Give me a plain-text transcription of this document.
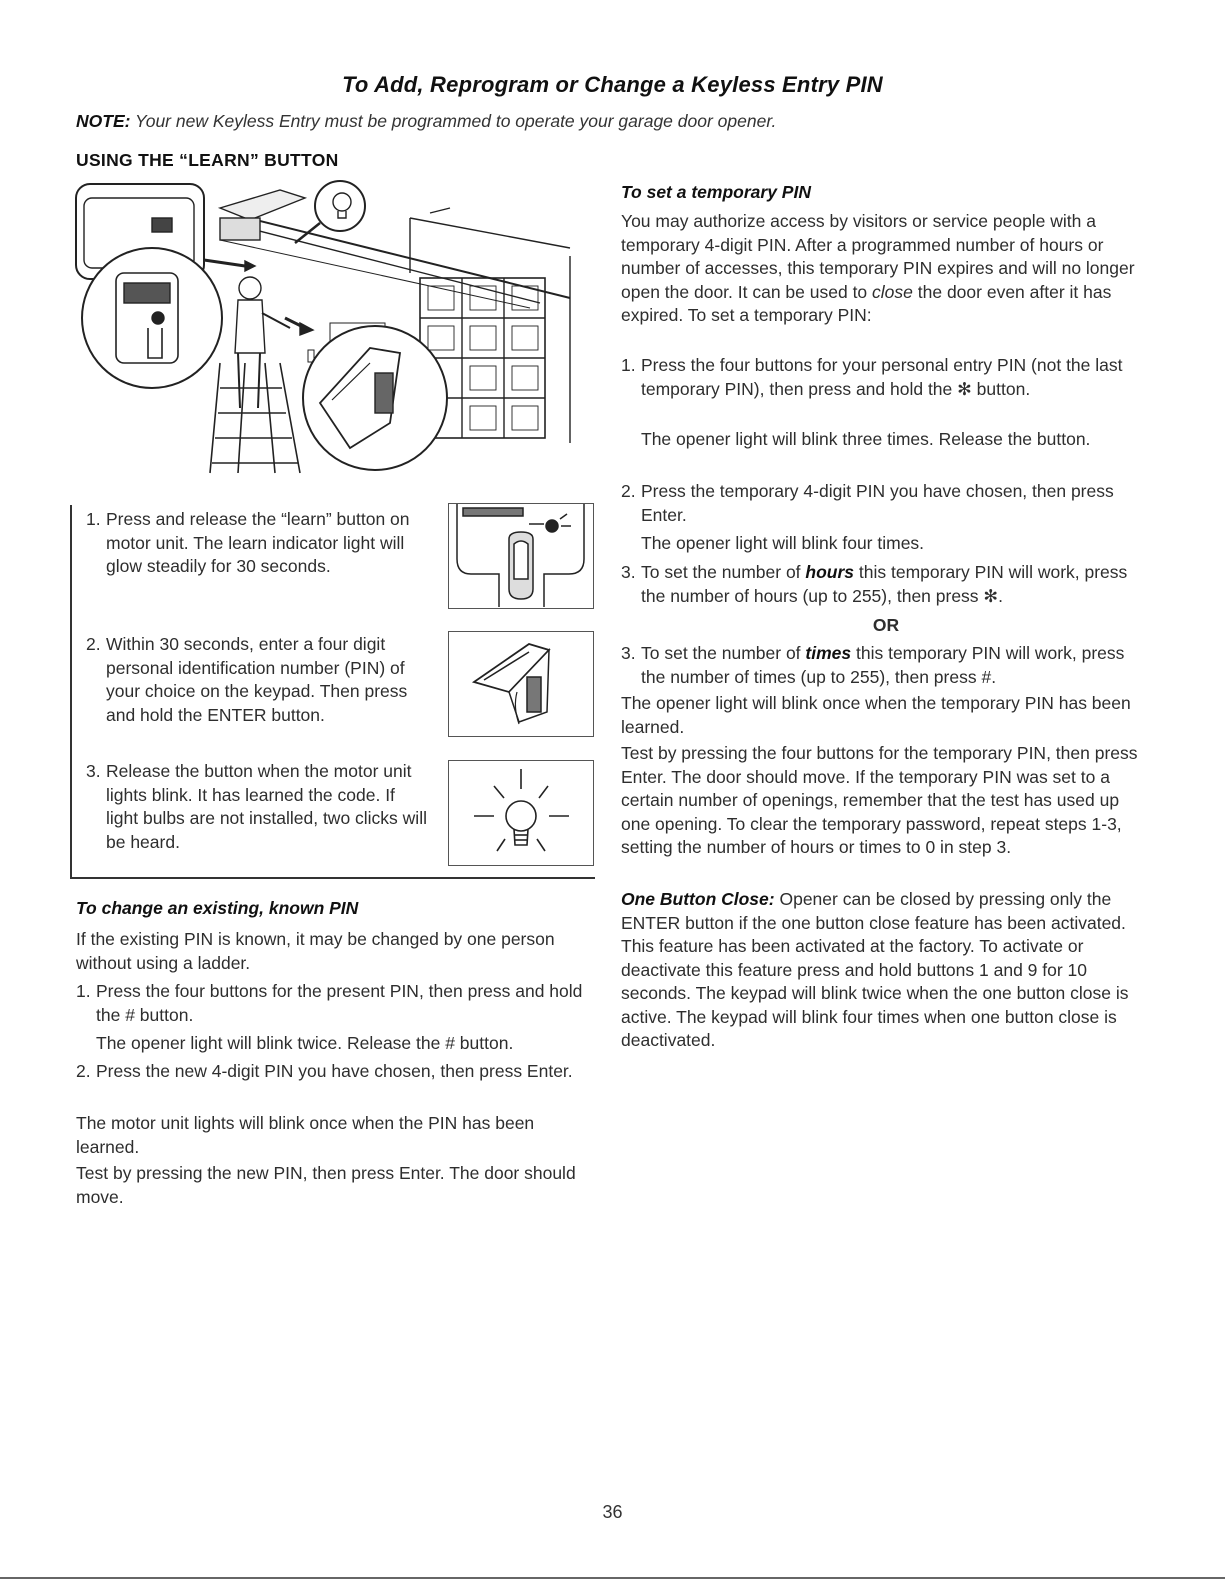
To Add, Reprogram or Change a Keyless Entry PIN
NOTE: Your new Keyless Entry must be programmed to operate your garage door opener.
USING THE “LEARN” BUTTON
1. Press and release the “learn” button on motor unit. The learn indicator light will glow steadily for 30 seconds.
2. Within 30 seconds, enter a four digit personal identification number (PIN) of your choice on the keypad. Then press and hold the ENTER button.
3. Release the button when the motor unit lights blink. It has learned the code. If light bulbs are not installed, two clicks will be heard.
To change an existing, known PIN
If the existing PIN is known, it may be changed by one person without using a ladder.
1. Press the four buttons for the present PIN, then press and hold the # button.
The opener light will blink twice. Release the # button.
2. Press the new 4-digit PIN you have chosen, then press Enter.
The motor unit lights will blink once when the PIN has been learned.
Test by pressing the new PIN, then press Enter. The door should move.
To set a temporary PIN
You may authorize access by visitors or service people with a temporary 4-digit PIN. After a programmed number of hours or number of accesses, this temporary PIN expires and will no longer open the door. It can be used to close the door even after it has expired. To set a temporary PIN:
1. Press the four buttons for your personal entry PIN (not the last temporary PIN), then press and hold the ✻ button.
The opener light will blink three times. Release the button.
2. Press the temporary 4-digit PIN you have chosen, then press Enter.
The opener light will blink four times.
3. To set the number of hours this temporary PIN will work, press the number of hours (up to 255), then press ✻.
OR
3. To set the number of times this temporary PIN will work, press the number of times (up to 255), then press #.
The opener light will blink once when the temporary PIN has been learned.
Test by pressing the four buttons for the temporary PIN, then press Enter. The door should move. If the temporary PIN was set to a certain number of openings, remember that the test has used up one opening. To clear the temporary password, repeat steps 1-3, setting the number of hours or times to 0 in step 3.
One Button Close: Opener can be closed by pressing only the ENTER button if the one button close feature has been activated. This feature has been activated at the factory. To activate or deactivate this feature press and hold buttons 1 and 9 for 10 seconds. The keypad will blink twice when the one button close is active. The keypad will blink four times when one button close is deactivated.
36
